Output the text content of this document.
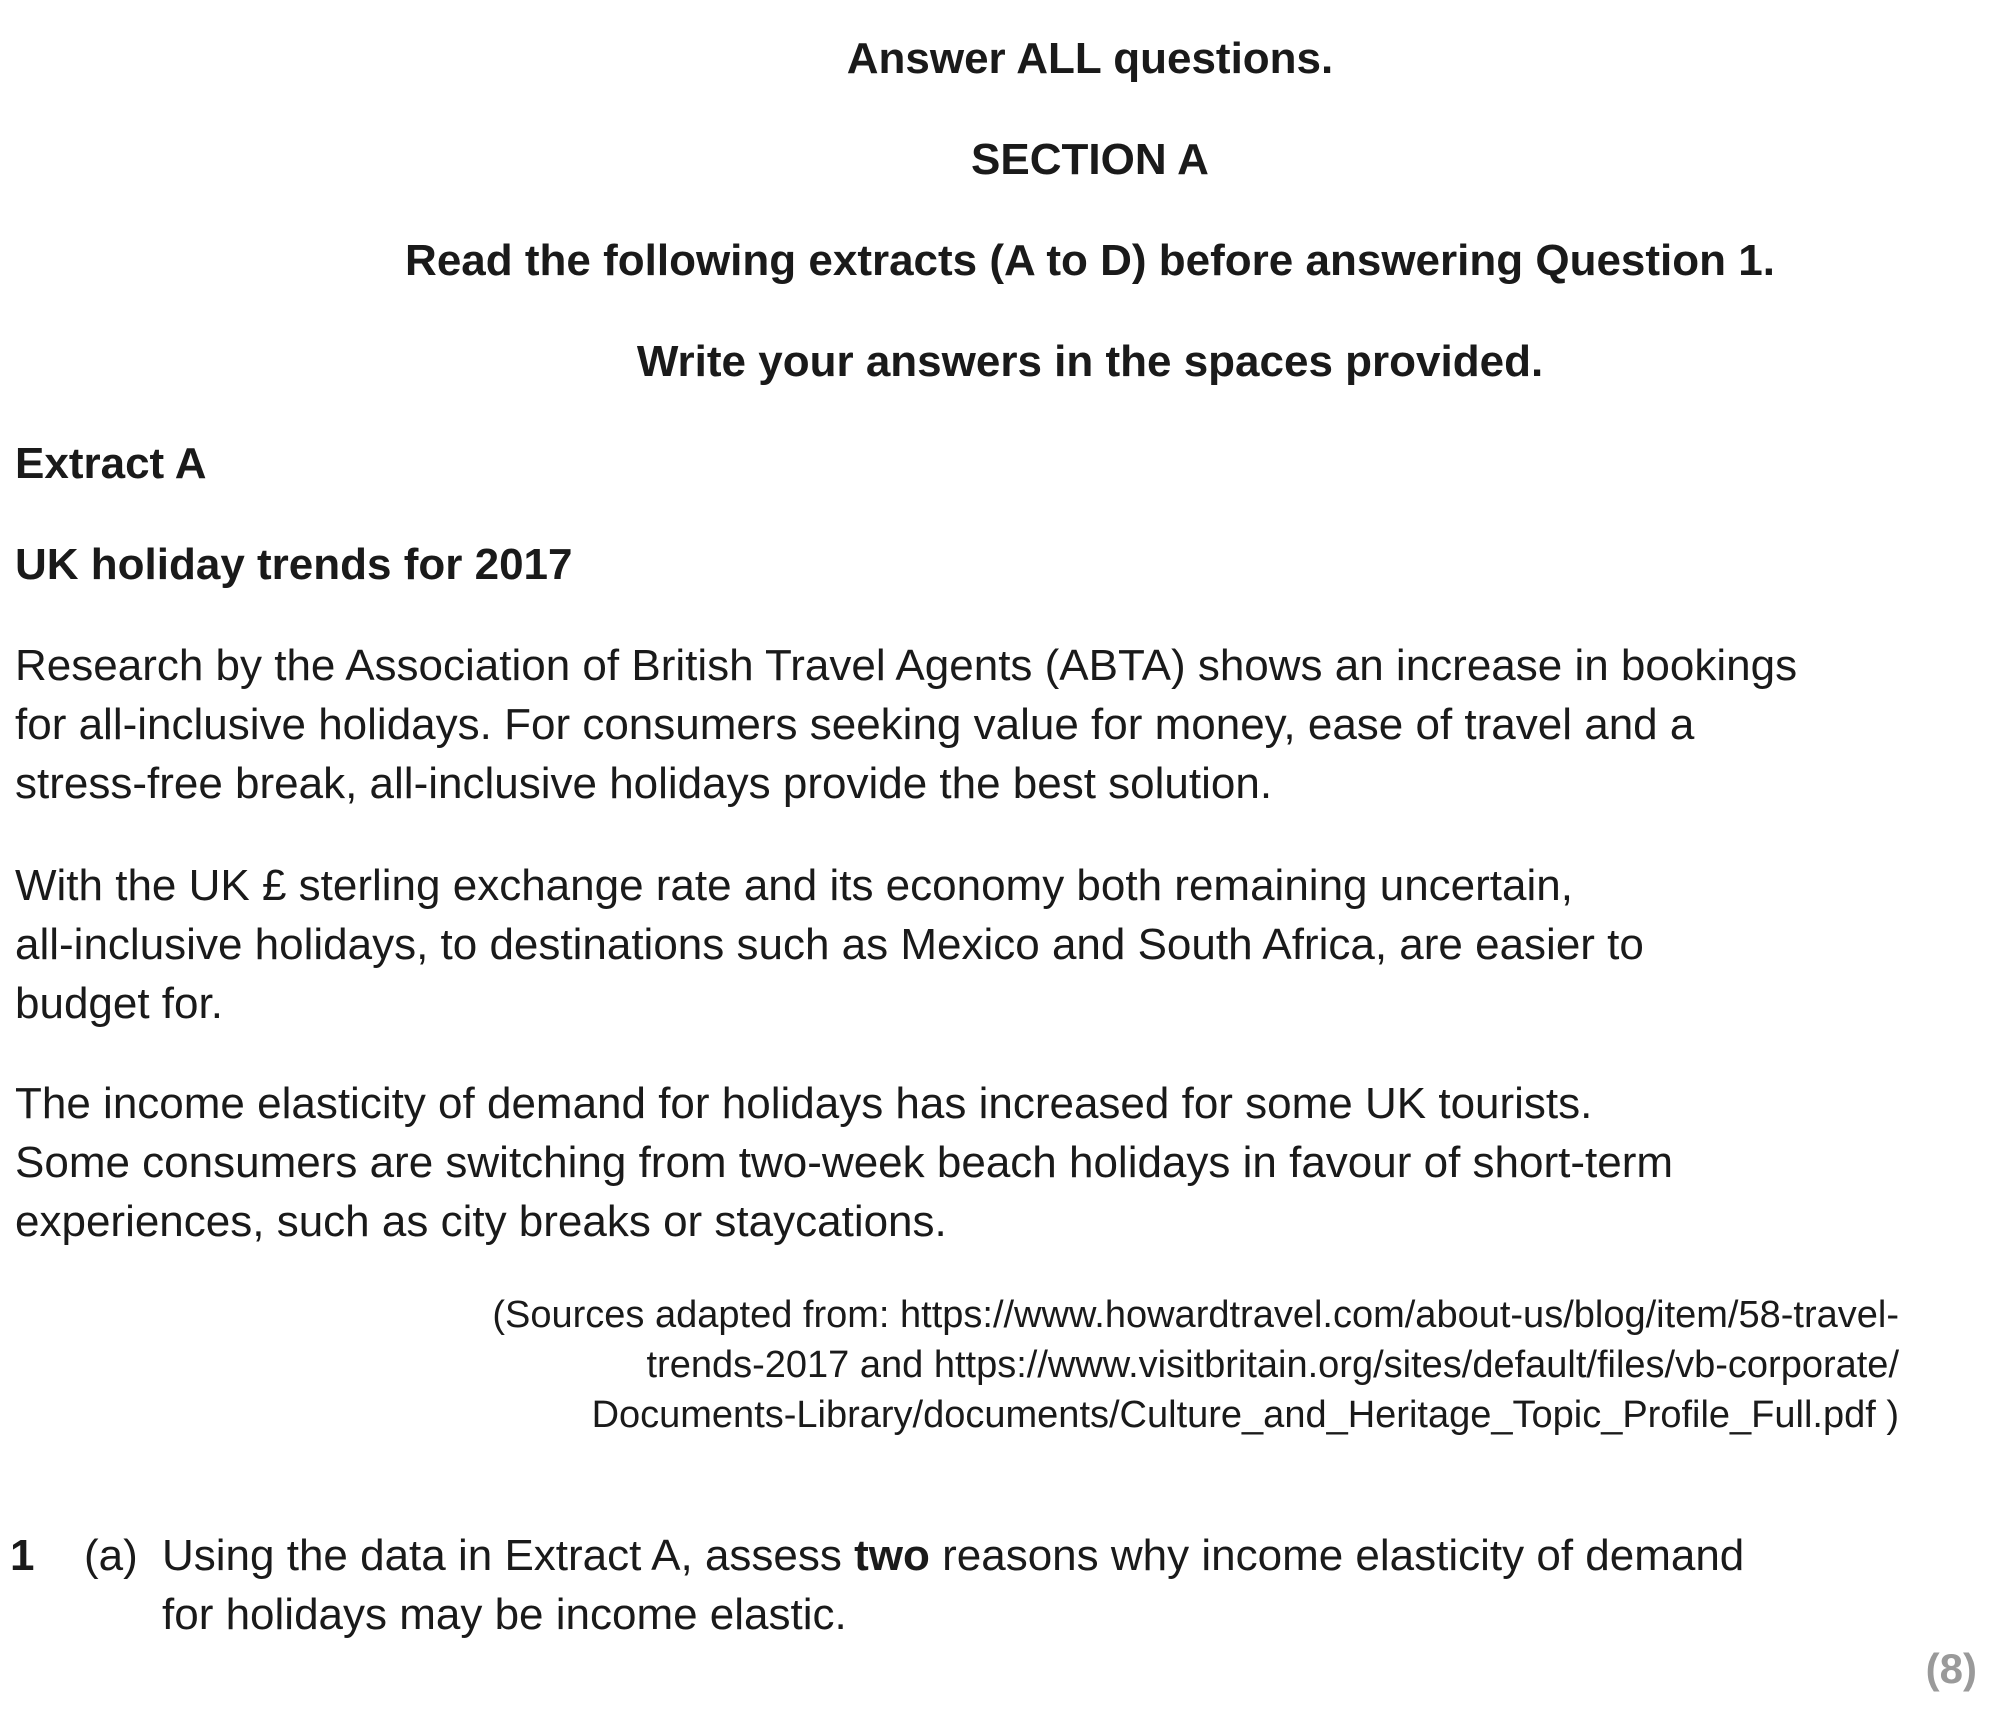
Answer ALL questions.
SECTION A
Read the following extracts (A to D) before answering Question 1.
Write your answers in the spaces provided.
Extract A
UK holiday trends for 2017

Research by the Association of British Travel Agents (ABTA) shows an increase in bookings
for all-inclusive holidays. For consumers seeking value for money, ease of travel and a
stress-free break, all-inclusive holidays provide the best solution.

With the UK £ sterling exchange rate and its economy both remaining uncertain,
all-inclusive holidays, to destinations such as Mexico and South Africa, are easier to
budget for.

The income elasticity of demand for holidays has increased for some UK tourists.
Some consumers are switching from two-week beach holidays in favour of short-term
experiences, such as city breaks or staycations.

(Sources adapted from: https://www.howardtravel.com/about-us/blog/item/58-travel-
trends-2017 and https://www.visitbritain.org/sites/default/files/vb-corporate/
Documents-Library/documents/Culture_and_Heritage_Topic_Profile_Full.pdf )
1 (a) Using the data in Extract A, assess two reasons why income elasticity of demand
for holidays may be income elastic.
(8)
